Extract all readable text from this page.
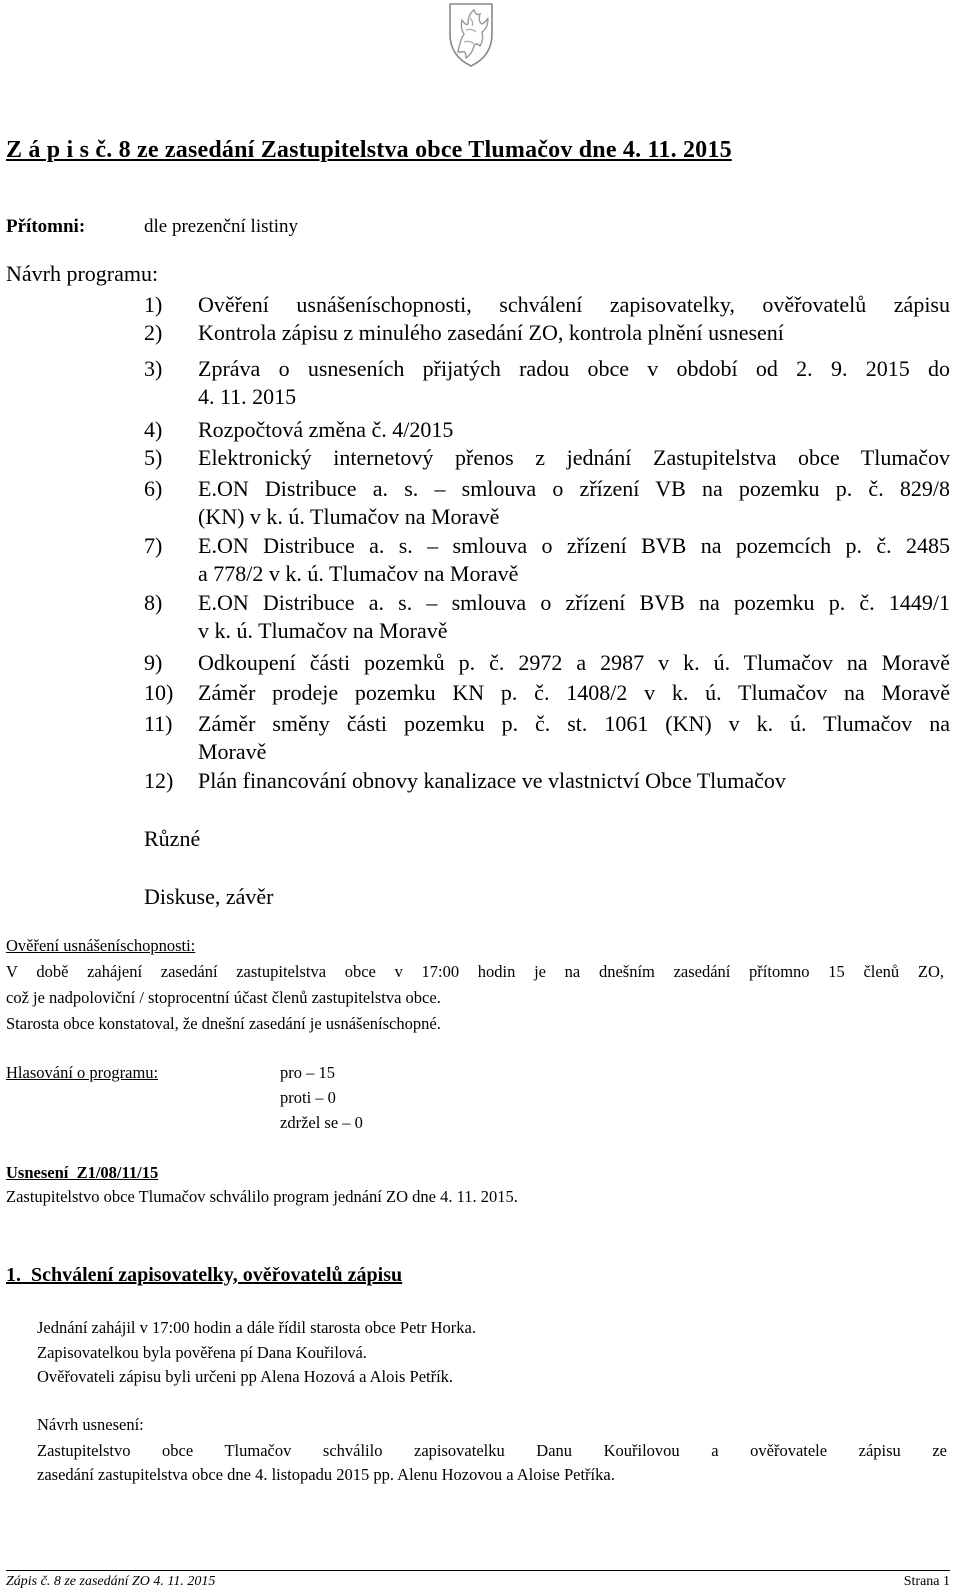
Z á p i s č. 8 ze zasedání Zastupitelstva obce Tlumačov dne 4. 11. 2015
Přítomni:	dle prezenční listiny
Návrh programu:
1) Ověření usnášeníschopnosti, schválení zapisovatelky, ověřovatelů zápisu
2) Kontrola zápisu z minulého zasedání ZO, kontrola plnění usnesení
3) Zpráva o usneseních přijatých radou obce v období od 2. 9. 2015 do
4. 11. 2015
4) Rozpočtová změna č. 4/2015
5) Elektronický internetový přenos z jednání Zastupitelstva obce Tlumačov
6) E.ON Distribuce a. s. – smlouva o zřízení VB na pozemku p. č. 829/8
(KN) v k. ú. Tlumačov na Moravě
7) E.ON Distribuce a. s. – smlouva o zřízení BVB na pozemcích p. č. 2485
a 778/2 v k. ú. Tlumačov na Moravě
8) E.ON Distribuce a. s. – smlouva o zřízení BVB na pozemku p. č. 1449/1
v k. ú. Tlumačov na Moravě
9) Odkoupení části pozemků p. č. 2972 a 2987 v k. ú. Tlumačov na Moravě
10) Záměr prodeje pozemku KN p. č. 1408/2 v k. ú. Tlumačov na Moravě
11) Záměr směny části pozemku p. č. st. 1061 (KN) v k. ú. Tlumačov na
Moravě
12) Plán financování obnovy kanalizace ve vlastnictví Obce Tlumačov
Různé
Diskuse, závěr
Ověření usnášeníschopnosti:
V době zahájení zasedání zastupitelstva obce v 17:00 hodin je na dnešním zasedání přítomno 15 členů ZO,
což je nadpoloviční / stoprocentní účast členů zastupitelstva obce.
Starosta obce konstatoval, že dnešní zasedání je usnášeníschopné.
Hlasování o programu:	pro – 15
proti – 0
zdržel se – 0
Usnesení  Z1/08/11/15
Zastupitelstvo obce Tlumačov schválilo program jednání ZO dne 4. 11. 2015.
1.  Schválení zapisovatelky, ověřovatelů zápisu
Jednání zahájil v 17:00 hodin a dále řídil starosta obce Petr Horka.
Zapisovatelkou byla pověřena pí Dana Kouřilová.
Ověřovateli zápisu byli určeni pp Alena Hozová a Alois Petřík.
Návrh usnesení:
Zastupitelstvo obce Tlumačov schválilo zapisovatelku Danu Kouřilovou a ověřovatele zápisu ze
zasedání zastupitelstva obce dne 4. listopadu 2015 pp. Alenu Hozovou a Aloise Petříka.
Zápis č. 8 ze zasedání ZO 4. 11. 2015	Strana 1
